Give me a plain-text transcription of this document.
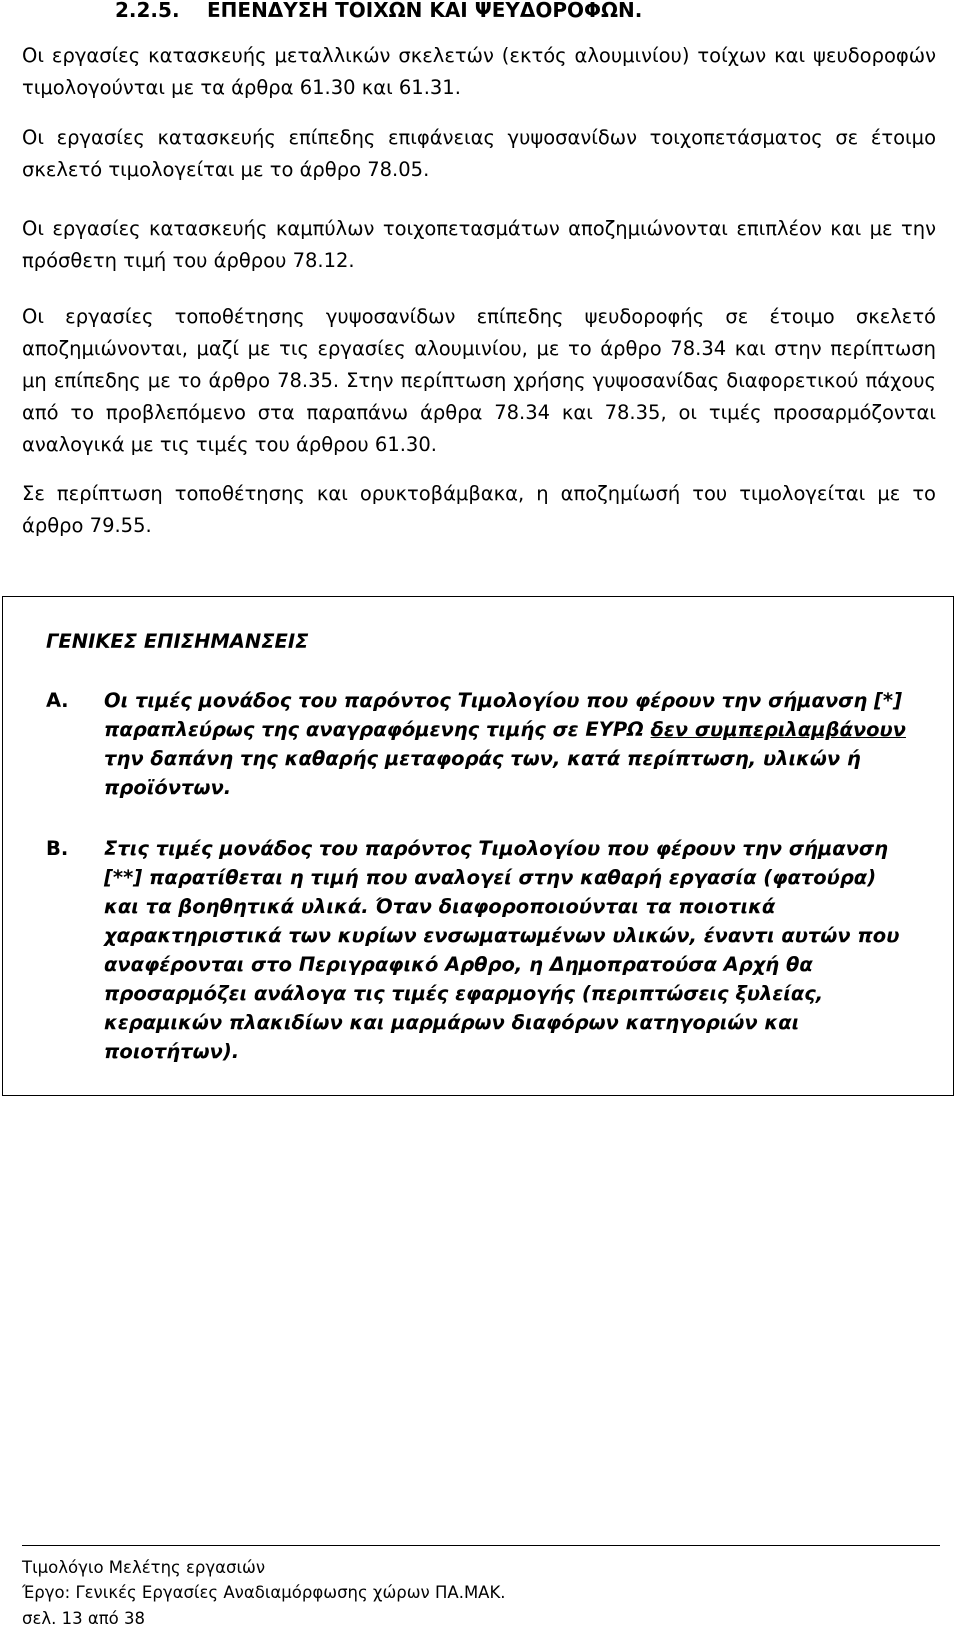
2.2.5. ΕΠΕΝΔΥΣΗ ΤΟΙΧΩΝ ΚΑΙ ΨΕΥΔΟΡΟΦΩΝ.

Οι εργασίες κατασκευής μεταλλικών σκελετών (εκτός αλουμινίου) τοίχων και ψευδοροφών τιμολογούνται με τα άρθρα 61.30 και 61.31.

Οι εργασίες κατασκευής επίπεδης επιφάνειας γυψοσανίδων τοιχοπετάσματος σε έτοιμο σκελετό τιμολογείται με το άρθρο 78.05.

Οι εργασίες κατασκευής καμπύλων τοιχοπετασμάτων αποζημιώνονται επιπλέον και με την πρόσθετη τιμή του άρθρου 78.12.

Οι εργασίες τοποθέτησης γυψοσανίδων επίπεδης ψευδοροφής σε έτοιμο σκελετό αποζημιώνονται, μαζί με τις εργασίες αλουμινίου, με το άρθρο 78.34 και στην περίπτωση μη επίπεδης με το άρθρο 78.35. Στην περίπτωση χρήσης γυψοσανίδας διαφορετικού πάχους από το προβλεπόμενο στα παραπάνω άρθρα 78.34 και 78.35, οι τιμές προσαρμόζονται αναλογικά με τις τιμές του άρθρου 61.30.

Σε περίπτωση τοποθέτησης και ορυκτοβάμβακα, η αποζημίωσή του τιμολογείται με το άρθρο 79.55.

ΓΕΝΙΚΕΣ ΕΠΙΣΗΜΑΝΣΕΙΣ

Α. Οι τιμές μονάδος του παρόντος Τιμολογίου που φέρουν την σήμανση [*] παραπλεύρως της αναγραφόμενης τιμής σε ΕΥΡΩ δεν συμπεριλαμβάνουν την δαπάνη της καθαρής μεταφοράς των, κατά περίπτωση, υλικών ή προϊόντων.

Β. Στις τιμές μονάδος του παρόντος Τιμολογίου που φέρουν την σήμανση [**] παρατίθεται η τιμή που αναλογεί στην καθαρή εργασία (φατούρα) και τα βοηθητικά υλικά. Όταν διαφοροποιούνται τα ποιοτικά χαρακτηριστικά των κυρίων ενσωματωμένων υλικών, έναντι αυτών που αναφέρονται στο Περιγραφικό Αρθρο, η Δημοπρατούσα Αρχή θα προσαρμόζει ανάλογα τις τιμές εφαρμογής (περιπτώσεις ξυλείας, κεραμικών πλακιδίων και μαρμάρων διαφόρων κατηγοριών και ποιοτήτων).

Τιμολόγιο Μελέτης εργασιών

Έργο: Γενικές Εργασίες Αναδιαμόρφωσης χώρων ΠΑ.ΜΑΚ.

σελ. 13 από 38
